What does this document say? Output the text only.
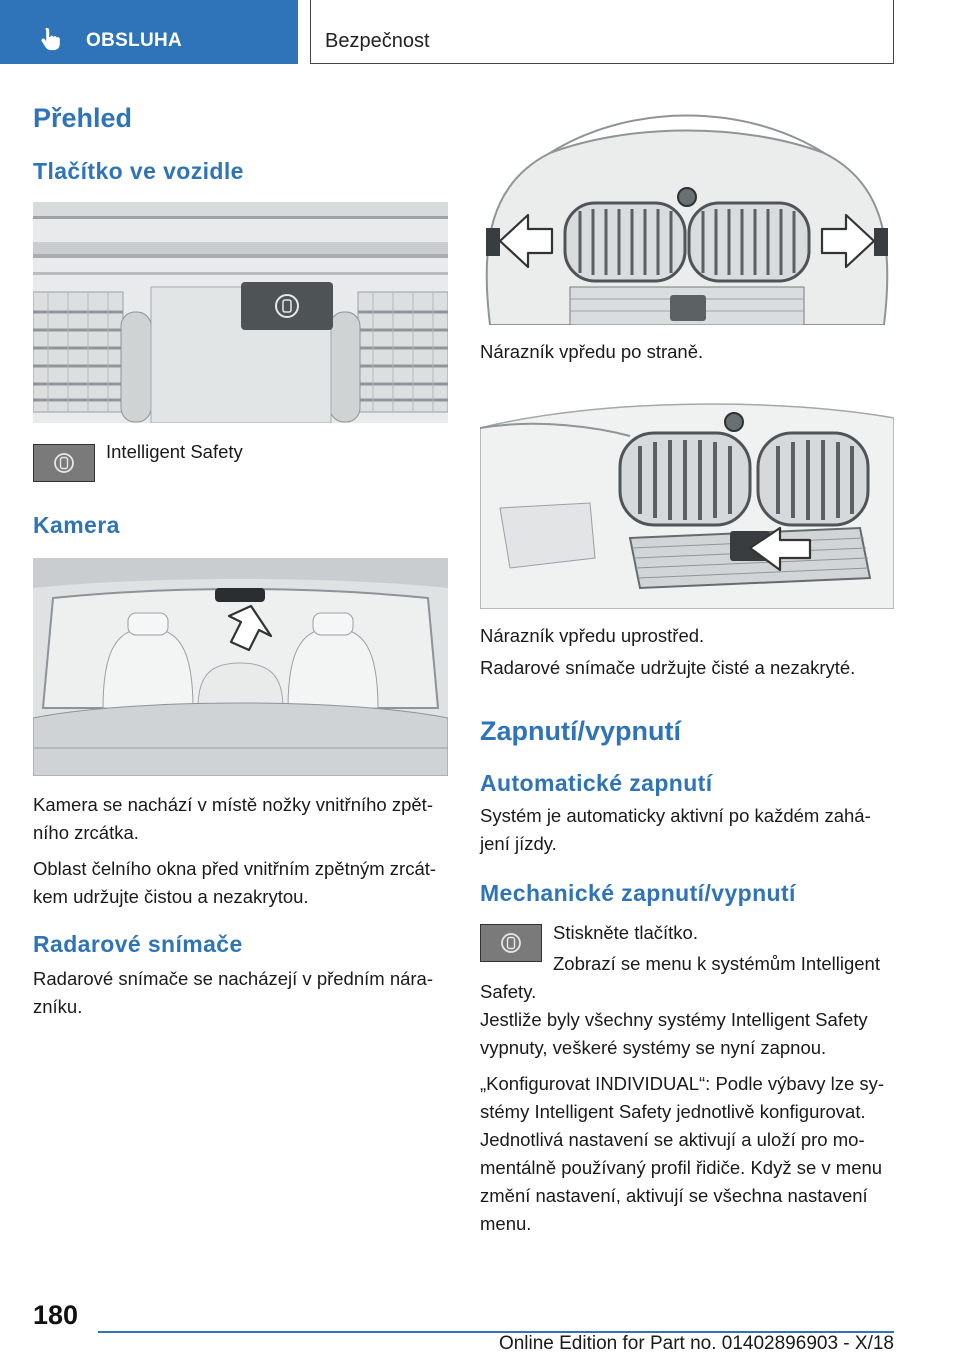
OBSLUHA	Bezpečnost
Přehled
Tlačítko ve vozidle
Intelligent Safety
Kamera

Kamera se nachází v místě nožky vnitřního zpětního zrcátka.

Oblast čelního okna před vnitřním zpětným zrcátkem udržujte čistou a nezakrytou.

Radarové snímače
Radarové snímače se nacházejí v předním nárazníku.
Nárazník vpředu po straně.
Nárazník vpředu uprostřed.
Radarové snímače udržujte čisté a nezakryté.
Zapnutí/vypnutí
Automatické zapnutí
Systém je automaticky aktivní po každém zahájení jízdy.
Mechanické zapnutí/vypnutí
Stiskněte tlačítko.
Zobrazí se menu k systémům Intelligent Safety.

Jestliže byly všechny systémy Intelligent Safety vypnuty, veškeré systémy se nyní zapnou.

„Konfigurovat INDIVIDUAL“: Podle výbavy lze systémy Intelligent Safety jednotlivě konfigurovat. Jednotlivá nastavení se aktivují a uloží pro momentálně používaný profil řidiče. Když se v menu změní nastavení, aktivují se všechna nastavení menu.

180
Online Edition for Part no. 01402896903 - X/18
